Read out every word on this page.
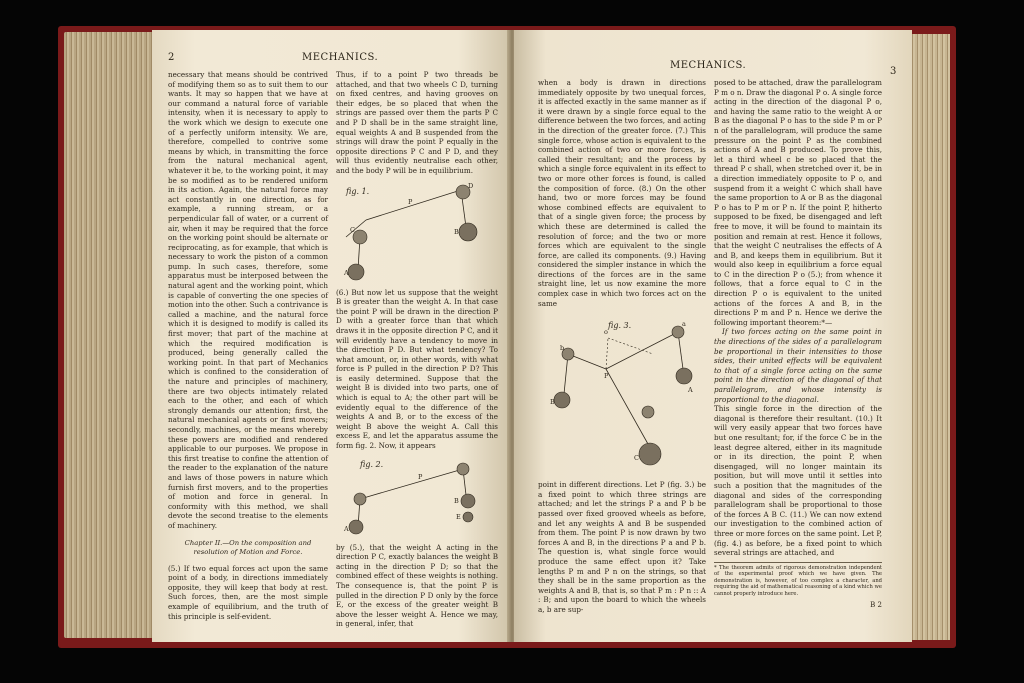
2	MECHANICS.

necessary that means should be contrived of modifying them so as to suit them to our wants. It may so happen that we have at our command a natural force of variable intensity, when it is necessary to apply to the work which we design to execute one of a perfectly uniform intensity. We are, therefore, compelled to contrive some means by which, in transmitting the force from the natural mechanical agent, whatever it be, to the working point, it may be so modified as to be rendered uniform in its action. Again, the natural force may act constantly in one direction, as for example, a running stream, or a perpendicular fall of water, or a current of air, when it may be required that the force on the working point should be alternate or reciprocating, as for example, that which is necessary to work the piston of a common pump. In such cases, therefore, some apparatus must be interposed between the natural agent and the working point, which is capable of converting the one species of motion into the other. Such a contrivance is called a machine, and the natural force which it is designed to modify is called its first mover; that part of the machine at which the required modification is produced, being generally called the working point. In that part of Mechanics which is confined to the consideration of the nature and principles of machinery, there are two objects intimately related each to the other, and each of which strongly demands our attention; first, the natural mechanical agents or first movers; secondly, machines, or the means whereby these powers are modified and rendered applicable to our purposes. We propose in this first treatise to confine the attention of the reader to the explanation of the nature and laws of those powers in nature which furnish first movers, and to the properties of motion and force in general. In conformity with this method, we shall devote the second treatise to the elements of machinery.

Chapter II.—On the composition and resolution of Motion and Force.

(5.) If two equal forces act upon the same point of a body, in directions immediately opposite, they will keep that body at rest. Such forces, then, are the most simple example of equilibrium, and the truth of this principle is self-evident.

Thus, if to a point P two threads be attached, and that two wheels C D, turning on fixed centres, and having grooves on their edges, be so placed that when the strings are passed over them the parts P C and P D shall be in the same straight line, equal weights A and B suspended from the strings will draw the point P equally in the opposite directions P C and P D, and they will thus evidently neutralise each other, and the body P will be in equilibrium.

fig. 1.
P
C
D
A
B

(6.) But now let us suppose that the weight B is greater than the weight A. In that case the point P will be drawn in the direction P D with a greater force than that which draws it in the opposite direction P C, and it will evidently have a tendency to move in the direction P D. But what tendency? To what amount, or, in other words, with what force is P pulled in the direction P D? This is easily determined. Suppose that the weight B is divided into two parts, one of which is equal to A; the other part will be evidently equal to the difference of the weights A and B, or to the excess of the weight B above the weight A. Call this excess E, and let the apparatus assume the form fig. 2. Now, it appears

fig. 2.
P
A
B
E

by (5.), that the weight A acting in the direction P C, exactly balances the weight B acting in the direction P D; so that the combined effect of these weights is nothing. The consequence is, that the point P is pulled in the direction P D only by the force E, or the excess of the greater weight B above the lesser weight A. Hence we may, in general, infer, that

MECHANICS.
3

when a body is drawn in directions immediately opposite by two unequal forces, it is affected exactly in the same manner as if it were drawn by a single force equal to the difference between the two forces, and acting in the direction of the greater force. (7.) This single force, whose action is equivalent to the combined action of two or more forces, is called their resultant; and the process by which a single force equivalent in its effect to two or more other forces is found, is called the composition of force. (8.) On the other hand, two or more forces may be found whose combined effects are equivalent to that of a single given force; the process by which these are determined is called the resolution of force; and the two or more forces which are equivalent to the single force, are called its components. (9.) Having considered the simpler instance in which the directions of the forces are in the same straight line, let us now examine the more complex case in which two forces act on the same

fig. 3.
P
b
a
o
B
A
C

point in different directions. Let P (fig. 3.) be a fixed point to which three strings are attached; and let the strings P a and P b be passed over fixed grooved wheels as before, and let any weights A and B be suspended from them. The point P is now drawn by two forces A and B, in the directions P a and P b. The question is, what single force would produce the same effect upon it? Take lengths P m and P n on the strings, so that they shall be in the same proportion as the weights A and B, that is, so that P m : P n :: A : B; and upon the board to which the wheels a, b are sup-

posed to be attached, draw the parallelogram P m o n. Draw the diagonal P o. A single force acting in the direction of the diagonal P o, and having the same ratio to the weight A or B as the diagonal P o has to the side P m or P n of the parallelogram, will produce the same pressure on the point P as the combined actions of A and B produced. To prove this, let a third wheel c be so placed that the thread P c shall, when stretched over it, be in a direction immediately opposite to P o, and suspend from it a weight C which shall have the same proportion to A or B as the diagonal P o has to P m or P n. If the point P, hitherto supposed to be fixed, be disengaged and left free to move, it will be found to maintain its position and remain at rest. Hence it follows, that the weight C neutralises the effects of A and B, and keeps them in equilibrium. But it would also keep in equilibrium a force equal to C in the direction P o (5.); from whence it follows, that a force equal to C in the direction P o is equivalent to the united actions of the forces A and B, in the directions P m and P n. Hence we derive the following important theorem:*—

If two forces acting on the same point in the directions of the sides of a parallelogram be proportional in their intensities to those sides, their united effects will be equivalent to that of a single force acting on the same point in the direction of the diagonal of that parallelogram, and whose intensity is proportional to the diagonal.

This single force in the direction of the diagonal is therefore their resultant. (10.) It will very easily appear that two forces have but one resultant; for, if the force C be in the least degree altered, either in its magnitude or in its direction, the point P, when disengaged, will no longer maintain its position, but will move until it settles into such a position that the magnitudes of the diagonal and sides of the corresponding parallelogram shall be proportional to those of the forces A B C. (11.) We can now extend our investigation to the combined action of three or more forces on the same point. Let P, (fig. 4.) as before, be a fixed point to which several strings are attached, and

* The theorem admits of rigorous demonstration independent of the experimental proof which we have given. The demonstration is, however, of too complex a character, and requiring the aid of mathematical reasoning of a kind which we cannot properly introduce here.

B 2
